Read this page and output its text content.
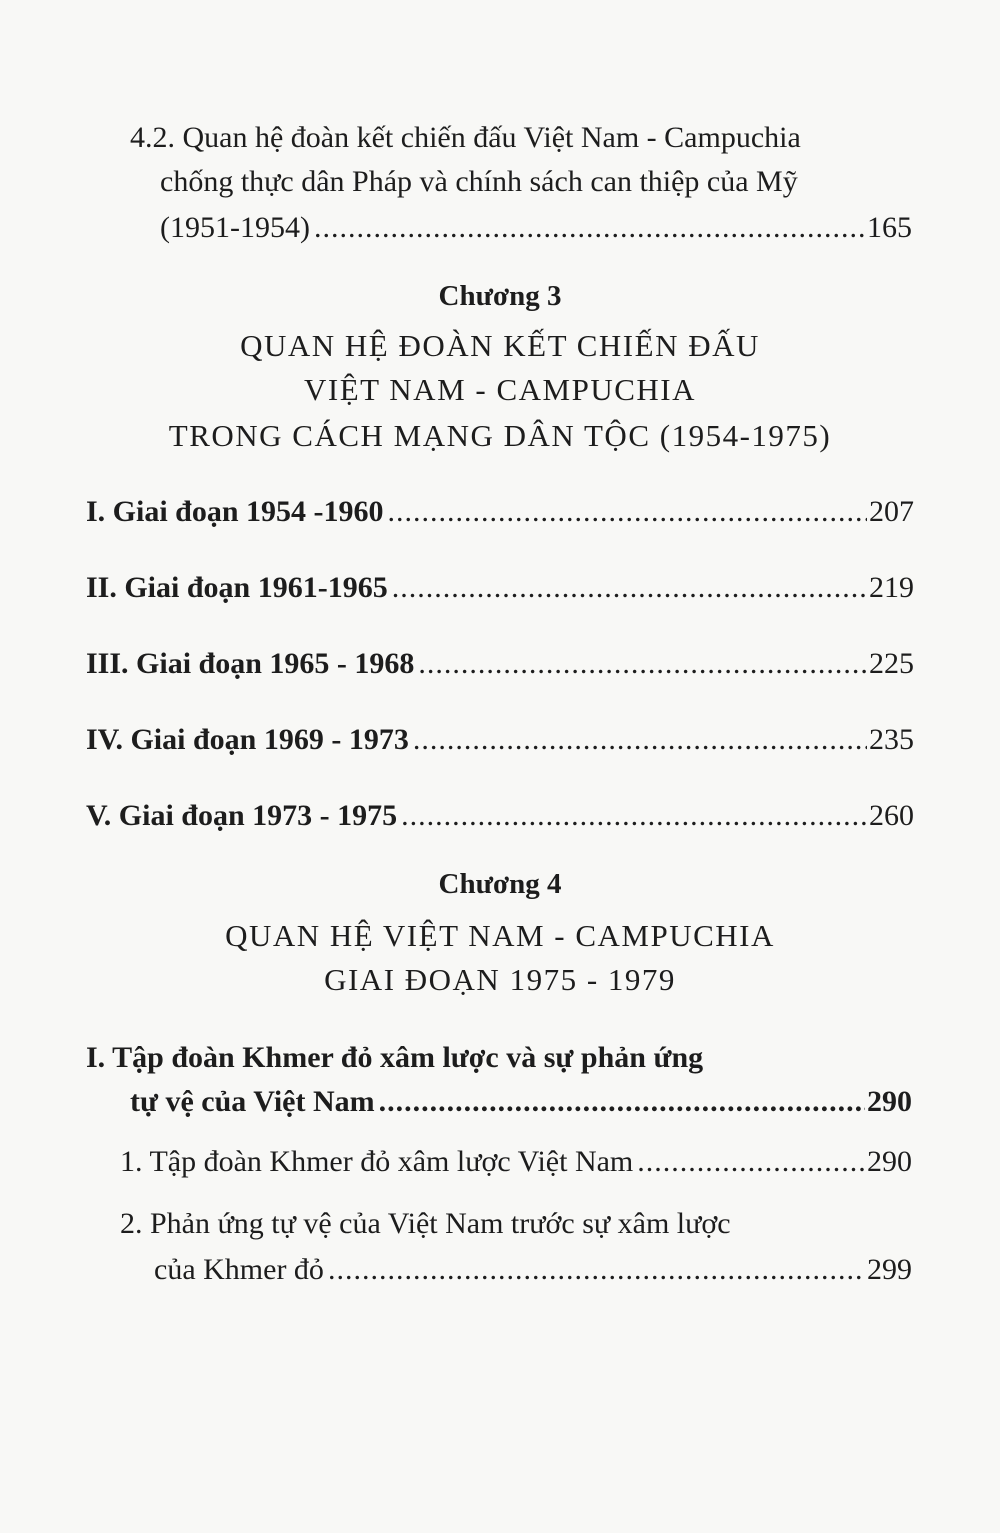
4.2. Quan hệ đoàn kết chiến đấu Việt Nam - Campuchia
chống thực dân Pháp và chính sách can thiệp của Mỹ
(1951-1954) .....	165
Chương 3
QUAN HỆ ĐOÀN KẾT CHIẾN ĐẤU
VIỆT NAM - CAMPUCHIA
TRONG CÁCH MẠNG DÂN TỘC (1954-1975)
I. Giai đoạn 1954 -1960 .....	207
II. Giai đoạn 1961-1965 .....	219
III. Giai đoạn 1965 - 1968 .....	225
IV. Giai đoạn 1969 - 1973 .....	235
V. Giai đoạn 1973 - 1975 .....	260
Chương 4
QUAN HỆ VIỆT NAM - CAMPUCHIA
GIAI ĐOẠN 1975 - 1979
I. Tập đoàn Khmer đỏ xâm lược và sự phản ứng
tự vệ của Việt Nam .....	290
1. Tập đoàn Khmer đỏ xâm lược Việt Nam .....	290
2. Phản ứng tự vệ của Việt Nam trước sự xâm lược
của Khmer đỏ .....	299
